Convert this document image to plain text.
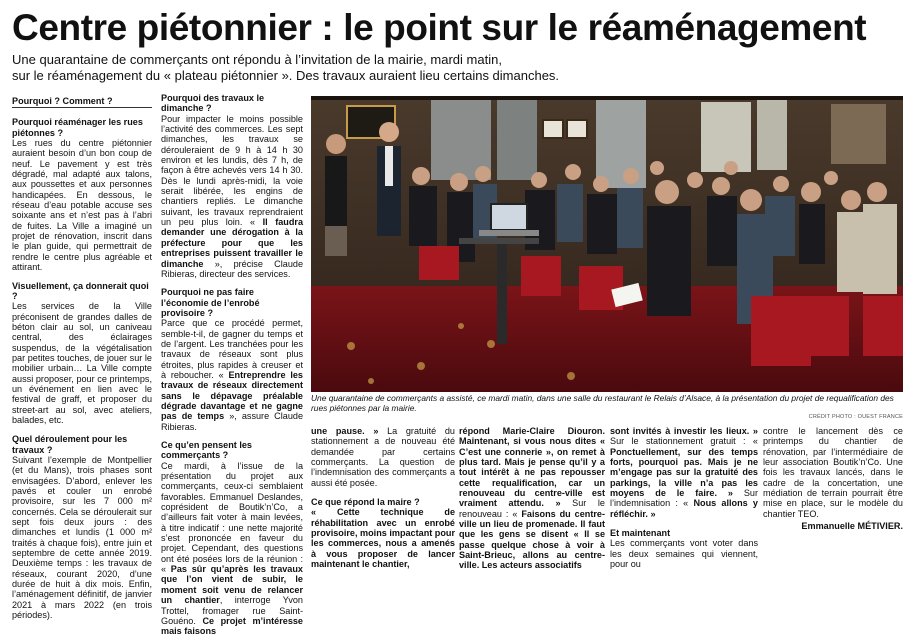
Centre piétonnier : le point sur le réaménagement
Une quarantaine de commerçants ont répondu à l’invitation de la mairie, mardi matin,
sur le réaménagement du « plateau piétonnier ». Des travaux auraient lieu certains dimanches.
Pourquoi ? Comment ?
Pourquoi réaménager les rues piétonnes ?

Les rues du centre piétonnier auraient besoin d’un bon coup de neuf. Le pavement y est très dégradé, mal adapté aux talons, aux poussettes et aux personnes handicapées. En dessous, le réseau d’eau potable accuse ses soixante ans et n’est pas à l’abri de fuites. La Ville a imaginé un projet de rénovation, inscrit dans le plan guide, qui permettrait de rendre le centre plus agréable et attirant.

Visuellement, ça donnerait quoi ?

Les services de la Ville préconisent de grandes dalles de béton clair au sol, un caniveau central, des éclairages suspendus, de la végétalisation par petites touches, de jouer sur le mobilier urbain… La Ville compte aussi proposer, pour ce printemps, un événement en lien avec le festival de graff, et proposer du street-art au sol, avec ateliers, balades, etc.

Quel déroulement pour les travaux ?

Suivant l’exemple de Montpellier (et du Mans), trois phases sont envisagées. D’abord, enlever les pavés et couler un enrobé provisoire, sur les 7 000 m² concernés. Cela se déroulerait sur sept fois deux jours : des dimanches et lundis (1 000 m² traités à chaque fois), entre juin et septembre de cette année 2019. Deuxième temps : les travaux de réseaux, courant 2020, d’une durée de huit à dix mois. Enfin, l’aménagement définitif, de janvier 2021 à mars 2022 (en trois périodes).

Pourquoi des travaux le dimanche ?

Pour impacter le moins possible l’activité des commerces. Les sept dimanches, les travaux se dérouleraient de 9 h à 14 h 30 environ et les lundis, dès 7 h, de façon à être achevés vers 14 h 30. Dès le lundi après-midi, la voie serait libérée, les engins de chantiers repliés. Le dimanche suivant, les travaux reprendraient un peu plus loin. « Il faudra demander une dérogation à la préfecture pour que les entreprises puissent travailler le dimanche », précise Claude Ribieras, directeur des services.

Pourquoi ne pas faire l’économie de l’enrobé provisoire ?

Parce que ce procédé permet, semble-t-il, de gagner du temps et de l’argent. Les tranchées pour les travaux de réseaux sont plus étroites, plus rapides à creuser et à reboucher. « Entreprendre les travaux de réseaux directement sans le dépavage préalable dégrade davantage et ne gagne pas de temps », assure Claude Ribieras.

Ce qu’en pensent les commerçants ?

Ce mardi, à l’issue de la présentation du projet aux commerçants, ceux-ci semblaient favorables. Emmanuel Deslandes, coprésident de Boutik’n’Co, a d’ailleurs fait voter à main levées, à titre indicatif : une nette majorité s’est prononcée en faveur du projet. Cependant, des questions ont été posées lors de la réunion : « Pas sûr qu’après les travaux que l’on vient de subir, le moment soit venu de relancer un chantier, interroge Yvon Trottel, fromager rue Saint-Gouéno. Ce projet m’intéresse mais faisons

Une quarantaine de commerçants a assisté, ce mardi matin, dans une salle du restaurant le Relais d’Alsace, à la présentation du projet de requalification des rues piétonnes par la mairie.
CRÉDIT PHOTO : OUEST FRANCE

une pause. » La gratuité du stationnement a de nouveau été demandée par certains commerçants. La question de l’indemnisation des commerçants a aussi été posée.

Ce que répond la maire ?

« Cette technique de réhabilitation avec un enrobé provisoire, moins impactant pour les commerces, nous a amenés à vous proposer de lancer maintenant le chantier,

répond Marie-Claire Diouron. Maintenant, si vous nous dites « C’est une connerie », on remet à plus tard. Mais je pense qu’il y a tout intérêt à ne pas repousser cette requalification, car un renouveau du centre-ville est vraiment attendu. » Sur le renouveau : « Faisons du centre-ville un lieu de promenade. Il faut que les gens se disent « Il se passe quelque chose à voir à Saint-Brieuc, allons au centre-ville. Les acteurs associatifs

sont invités à investir les lieux. » Sur le stationnement gratuit : « Ponctuellement, sur des temps forts, pourquoi pas. Mais je ne m’engage pas sur la gratuité des parkings, la ville n’a pas les moyens de le faire. » Sur l’indemnisation : « Nous allons y réfléchir. »

Et maintenant

Les commerçants vont voter dans les deux semaines qui viennent, pour ou

contre le lancement dès ce printemps du chantier de rénovation, par l’intermédiaire de leur association Boutik’n’Co. Une fois les travaux lancés, dans le cadre de la concertation, une médiation de terrain pourrait être mise en place, sur le modèle du chantier TEO.

Emmanuelle MÉTIVIER.
